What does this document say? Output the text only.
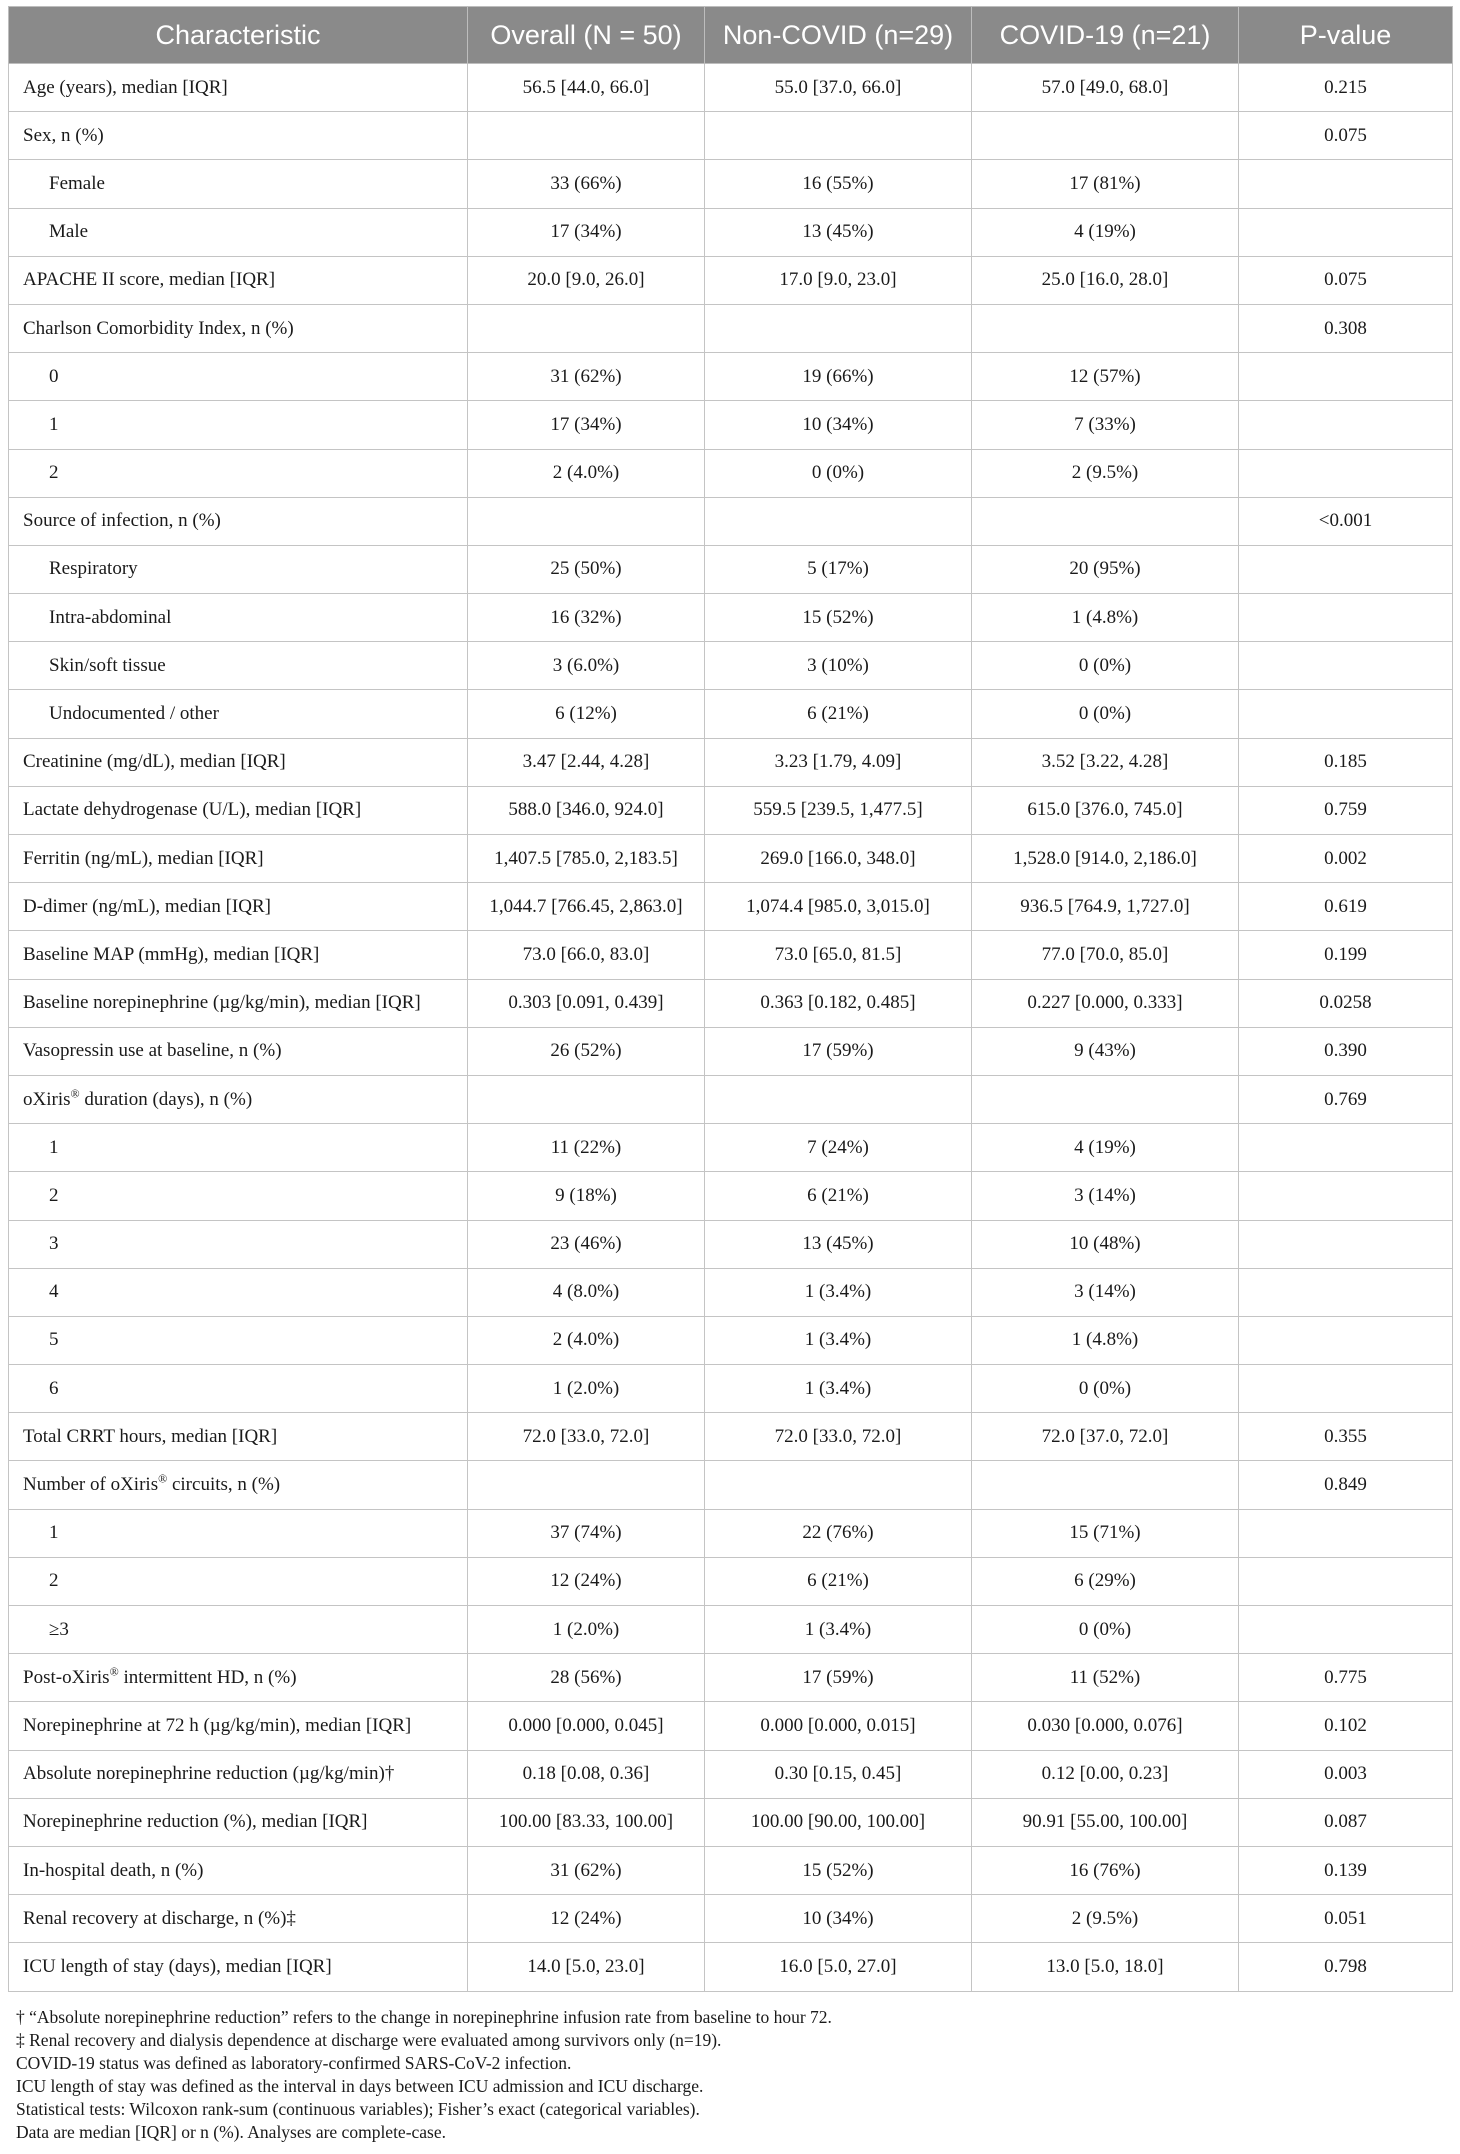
Characteristic	Overall (N = 50)	Non-COVID (n=29)	COVID-19 (n=21)	P-value
Age (years), median [IQR]	56.5 [44.0, 66.0]	55.0 [37.0, 66.0]	57.0 [49.0, 68.0]	0.215
Sex, n (%)				0.075
Female	33 (66%)	16 (55%)	17 (81%)	
Male	17 (34%)	13 (45%)	4 (19%)	
APACHE II score, median [IQR]	20.0 [9.0, 26.0]	17.0 [9.0, 23.0]	25.0 [16.0, 28.0]	0.075
Charlson Comorbidity Index, n (%)				0.308
0	31 (62%)	19 (66%)	12 (57%)	
1	17 (34%)	10 (34%)	7 (33%)	
2	2 (4.0%)	0 (0%)	2 (9.5%)	
Source of infection, n (%)				<0.001
Respiratory	25 (50%)	5 (17%)	20 (95%)	
Intra-abdominal	16 (32%)	15 (52%)	1 (4.8%)	
Skin/soft tissue	3 (6.0%)	3 (10%)	0 (0%)	
Undocumented / other	6 (12%)	6 (21%)	0 (0%)	
Creatinine (mg/dL), median [IQR]	3.47 [2.44, 4.28]	3.23 [1.79, 4.09]	3.52 [3.22, 4.28]	0.185
Lactate dehydrogenase (U/L), median [IQR]	588.0 [346.0, 924.0]	559.5 [239.5, 1,477.5]	615.0 [376.0, 745.0]	0.759
Ferritin (ng/mL), median [IQR]	1,407.5 [785.0, 2,183.5]	269.0 [166.0, 348.0]	1,528.0 [914.0, 2,186.0]	0.002
D-dimer (ng/mL), median [IQR]	1,044.7 [766.45, 2,863.0]	1,074.4 [985.0, 3,015.0]	936.5 [764.9, 1,727.0]	0.619
Baseline MAP (mmHg), median [IQR]	73.0 [66.0, 83.0]	73.0 [65.0, 81.5]	77.0 [70.0, 85.0]	0.199
Baseline norepinephrine (µg/kg/min), median [IQR]	0.303 [0.091, 0.439]	0.363 [0.182, 0.485]	0.227 [0.000, 0.333]	0.0258
Vasopressin use at baseline, n (%)	26 (52%)	17 (59%)	9 (43%)	0.390
oXiris® duration (days), n (%)				0.769
1	11 (22%)	7 (24%)	4 (19%)	
2	9 (18%)	6 (21%)	3 (14%)	
3	23 (46%)	13 (45%)	10 (48%)	
4	4 (8.0%)	1 (3.4%)	3 (14%)	
5	2 (4.0%)	1 (3.4%)	1 (4.8%)	
6	1 (2.0%)	1 (3.4%)	0 (0%)	
Total CRRT hours, median [IQR]	72.0 [33.0, 72.0]	72.0 [33.0, 72.0]	72.0 [37.0, 72.0]	0.355
Number of oXiris® circuits, n (%)				0.849
1	37 (74%)	22 (76%)	15 (71%)	
2	12 (24%)	6 (21%)	6 (29%)	
≥3	1 (2.0%)	1 (3.4%)	0 (0%)	
Post-oXiris® intermittent HD, n (%)	28 (56%)	17 (59%)	11 (52%)	0.775
Norepinephrine at 72 h (µg/kg/min), median [IQR]	0.000 [0.000, 0.045]	0.000 [0.000, 0.015]	0.030 [0.000, 0.076]	0.102
Absolute norepinephrine reduction (µg/kg/min)†	0.18 [0.08, 0.36]	0.30 [0.15, 0.45]	0.12 [0.00, 0.23]	0.003
Norepinephrine reduction (%), median [IQR]	100.00 [83.33, 100.00]	100.00 [90.00, 100.00]	90.91 [55.00, 100.00]	0.087
In-hospital death, n (%)	31 (62%)	15 (52%)	16 (76%)	0.139
Renal recovery at discharge, n (%)‡	12 (24%)	10 (34%)	2 (9.5%)	0.051
ICU length of stay (days), median [IQR]	14.0 [5.0, 23.0]	16.0 [5.0, 27.0]	13.0 [5.0, 18.0]	0.798
† “Absolute norepinephrine reduction” refers to the change in norepinephrine infusion rate from baseline to hour 72.
‡ Renal recovery and dialysis dependence at discharge were evaluated among survivors only (n=19).
COVID-19 status was defined as laboratory-confirmed SARS-CoV-2 infection.
ICU length of stay was defined as the interval in days between ICU admission and ICU discharge.
Statistical tests: Wilcoxon rank-sum (continuous variables); Fisher’s exact (categorical variables).
Data are median [IQR] or n (%). Analyses are complete-case.
